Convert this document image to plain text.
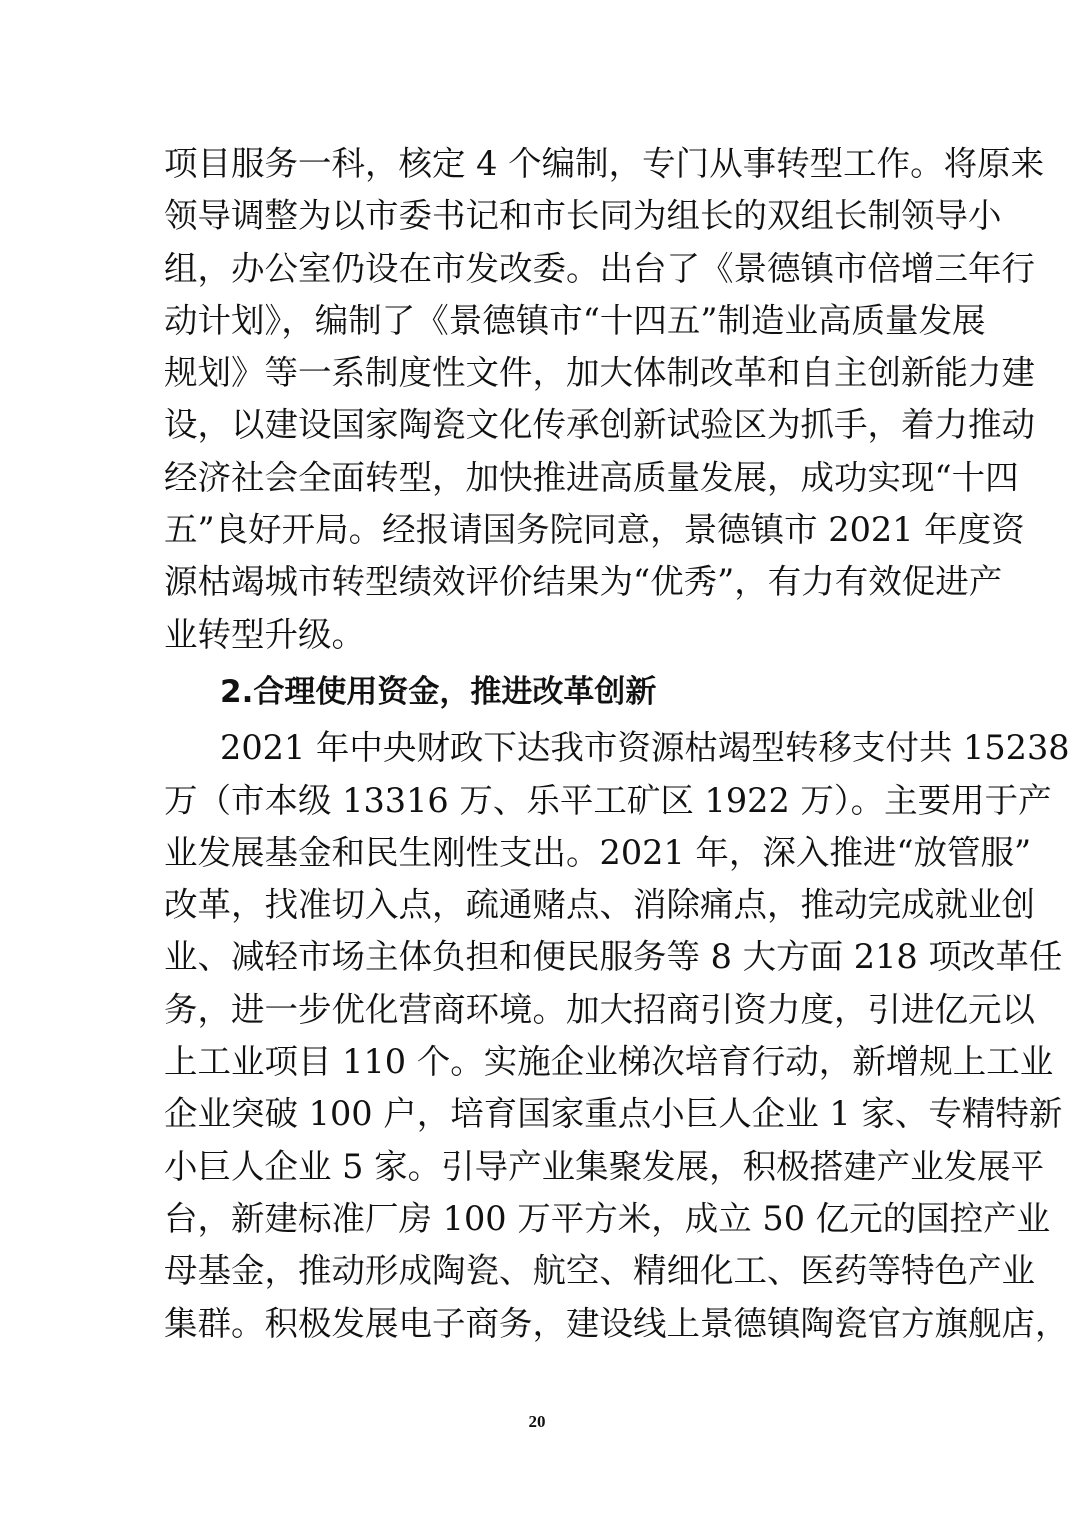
项目服务一科，核定 4 个编制，专门从事转型工作。将原来
领导调整为以市委书记和市长同为组长的双组长制领导小
组，办公室仍设在市发改委。出台了《景德镇市倍增三年行
动计划》，编制了《景德镇市“十四五”制造业高质量发展
规划》等一系制度性文件，加大体制改革和自主创新能力建
设，以建设国家陶瓷文化传承创新试验区为抓手，着力推动
经济社会全面转型，加快推进高质量发展，成功实现“十四
五”良好开局。经报请国务院同意，景德镇市 2021 年度资
源枯竭城市转型绩效评价结果为“优秀”，有力有效促进产
业转型升级。
2.合理使用资金，推进改革创新
2021 年中央财政下达我市资源枯竭型转移支付共 15238
万（市本级 13316 万、乐平工矿区 1922 万）。主要用于产
业发展基金和民生刚性支出。2021 年，深入推进“放管服”
改革，找准切入点，疏通赌点、消除痛点，推动完成就业创
业、减轻市场主体负担和便民服务等 8 大方面 218 项改革任
务，进一步优化营商环境。加大招商引资力度，引进亿元以
上工业项目 110 个。实施企业梯次培育行动，新增规上工业
企业突破 100 户，培育国家重点小巨人企业 1 家、专精特新
小巨人企业 5 家。引导产业集聚发展，积极搭建产业发展平
台，新建标准厂房 100 万平方米，成立 50 亿元的国控产业
母基金，推动形成陶瓷、航空、精细化工、医药等特色产业
集群。积极发展电子商务，建设线上景德镇陶瓷官方旗舰店，
20
